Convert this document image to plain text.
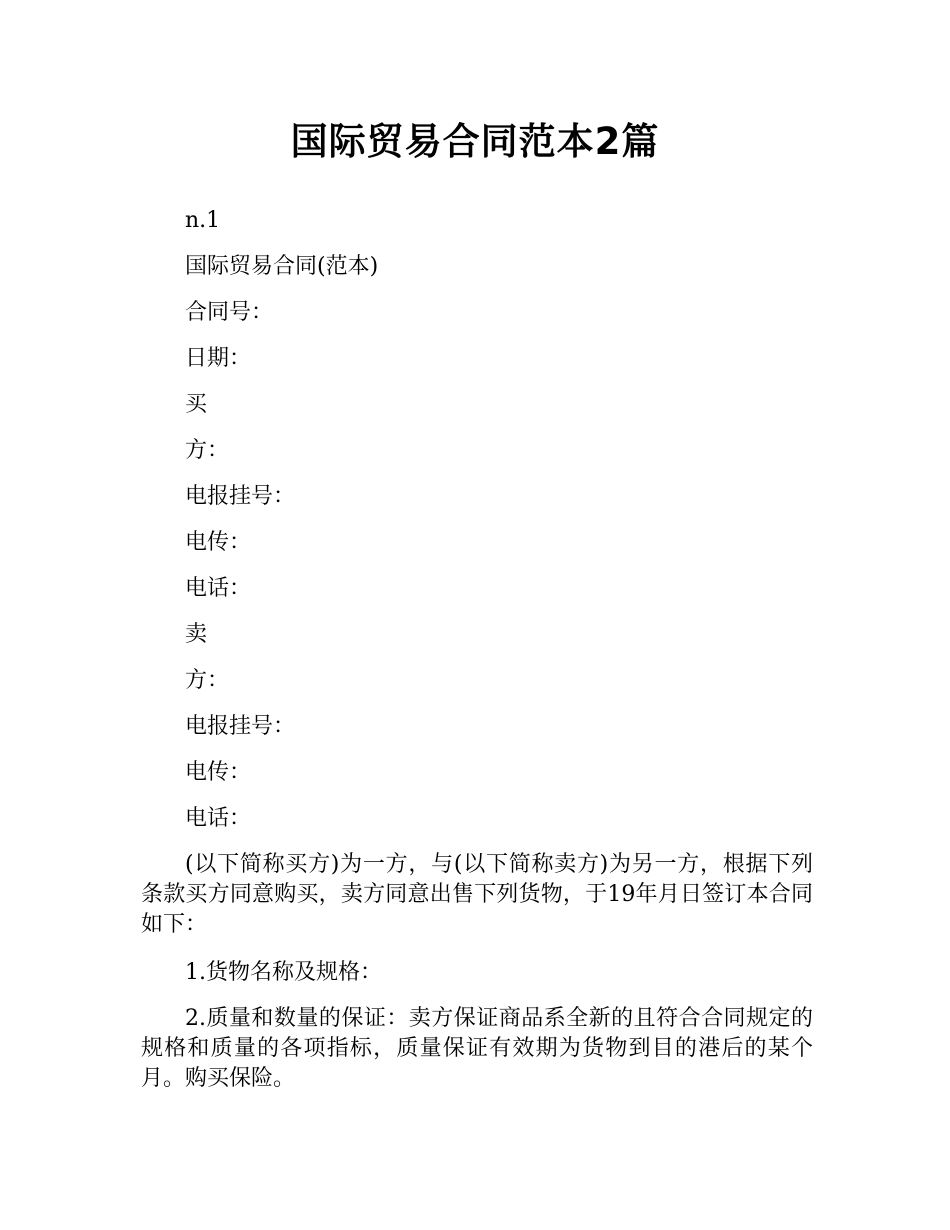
国际贸易合同范本2篇

n.1

国际贸易合同(范本)

合同号：

日期：

买

方：

电报挂号：

电传：

电话：

卖

方：

电报挂号：

电传：

电话：

(以下简称买方)为一方，与(以下简称卖方)为另一方，根据下列条款买方同意购买，卖方同意出售下列货物，于19年月日签订本合同如下：

1.货物名称及规格：

2.质量和数量的保证：卖方保证商品系全新的且符合合同规定的规格和质量的各项指标，质量保证有效期为货物到目的港后的某个月。购买保险。
